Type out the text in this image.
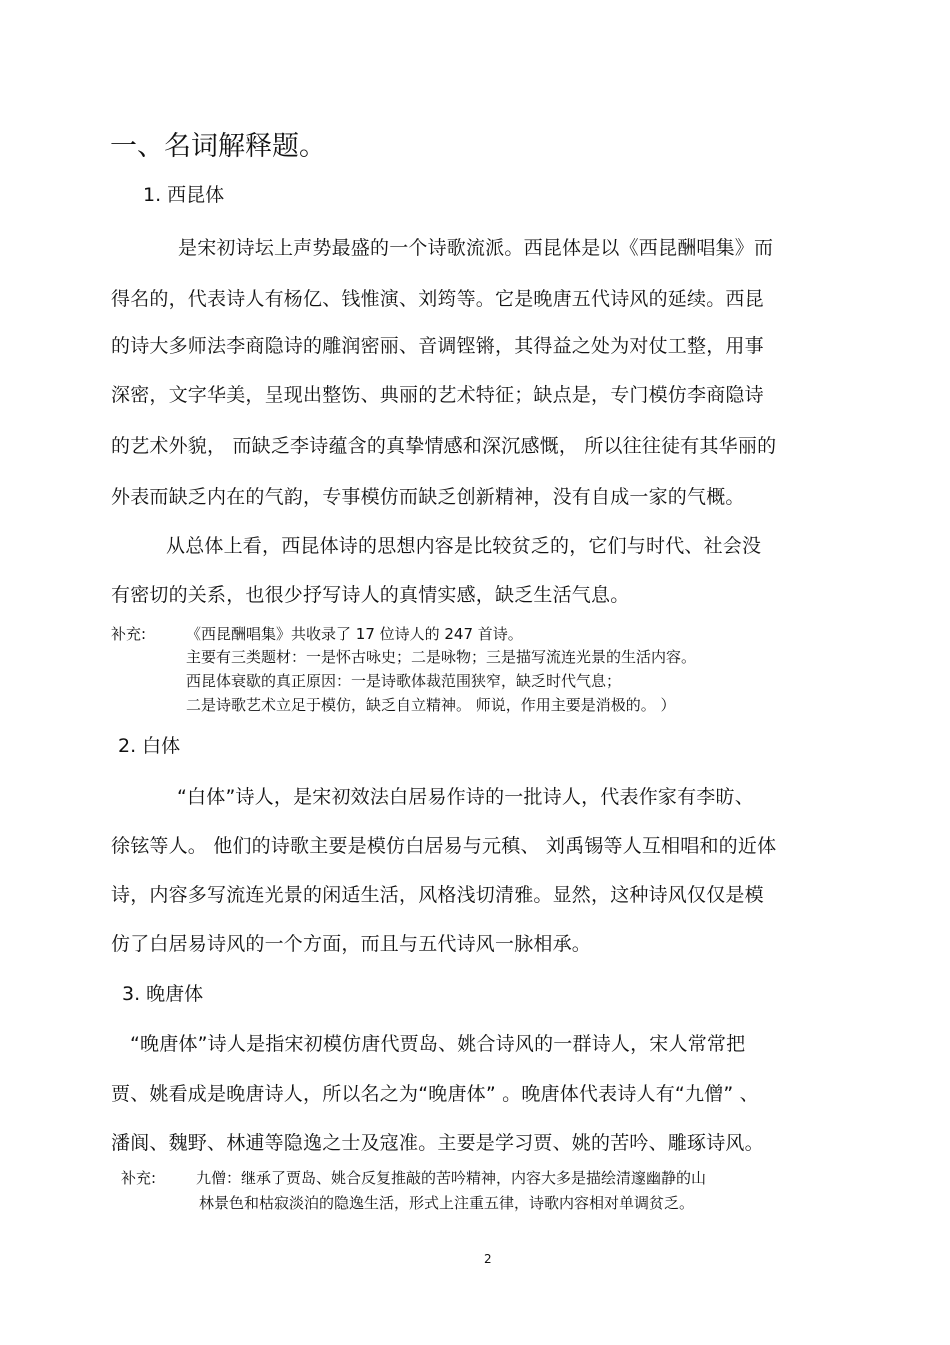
一、名词解释题。
1. 西昆体
是宋初诗坛上声势最盛的一个诗歌流派。西昆体是以《西昆酬唱集》而
得名的，代表诗人有杨亿、钱惟演、刘筠等。它是晚唐五代诗风的延续。西昆
的诗大多师法李商隐诗的雕润密丽、音调铿锵，其得益之处为对仗工整，用事
深密，文字华美，呈现出整饬、典丽的艺术特征；缺点是，专门模仿李商隐诗
的艺术外貌， 而缺乏李诗蕴含的真挚情感和深沉感慨， 所以往往徒有其华丽的
外表而缺乏内在的气韵，专事模仿而缺乏创新精神，没有自成一家的气概。
从总体上看，西昆体诗的思想内容是比较贫乏的，它们与时代、社会没
有密切的关系，也很少抒写诗人的真情实感，缺乏生活气息。
补充:	《西昆酬唱集》共收录了 17 位诗人的 247 首诗。
主要有三类题材：一是怀古咏史；二是咏物；三是描写流连光景的生活内容。
西昆体衰歇的真正原因：一是诗歌体裁范围狭窄，缺乏时代气息；
二是诗歌艺术立足于模仿，缺乏自立精神。 师说，作用主要是消极的。 ）
2. 白体
“白体”诗人，是宋初效法白居易作诗的一批诗人，代表作家有李昉、
徐铉等人。 他们的诗歌主要是模仿白居易与元稹、 刘禹锡等人互相唱和的近体
诗，内容多写流连光景的闲适生活，风格浅切清雅。显然，这种诗风仅仅是模
仿了白居易诗风的一个方面，而且与五代诗风一脉相承。
3. 晚唐体
“晚唐体”诗人是指宋初模仿唐代贾岛、姚合诗风的一群诗人，宋人常常把
贾、姚看成是晚唐诗人，所以名之为“晚唐体” 。晚唐体代表诗人有“九僧” 、
潘阆、魏野、林逋等隐逸之士及寇准。主要是学习贾、姚的苦吟、雕琢诗风。
补充:	九僧：继承了贾岛、姚合反复推敲的苦吟精神，内容大多是描绘清邃幽静的山
林景色和枯寂淡泊的隐逸生活，形式上注重五律，诗歌内容相对单调贫乏。
2
